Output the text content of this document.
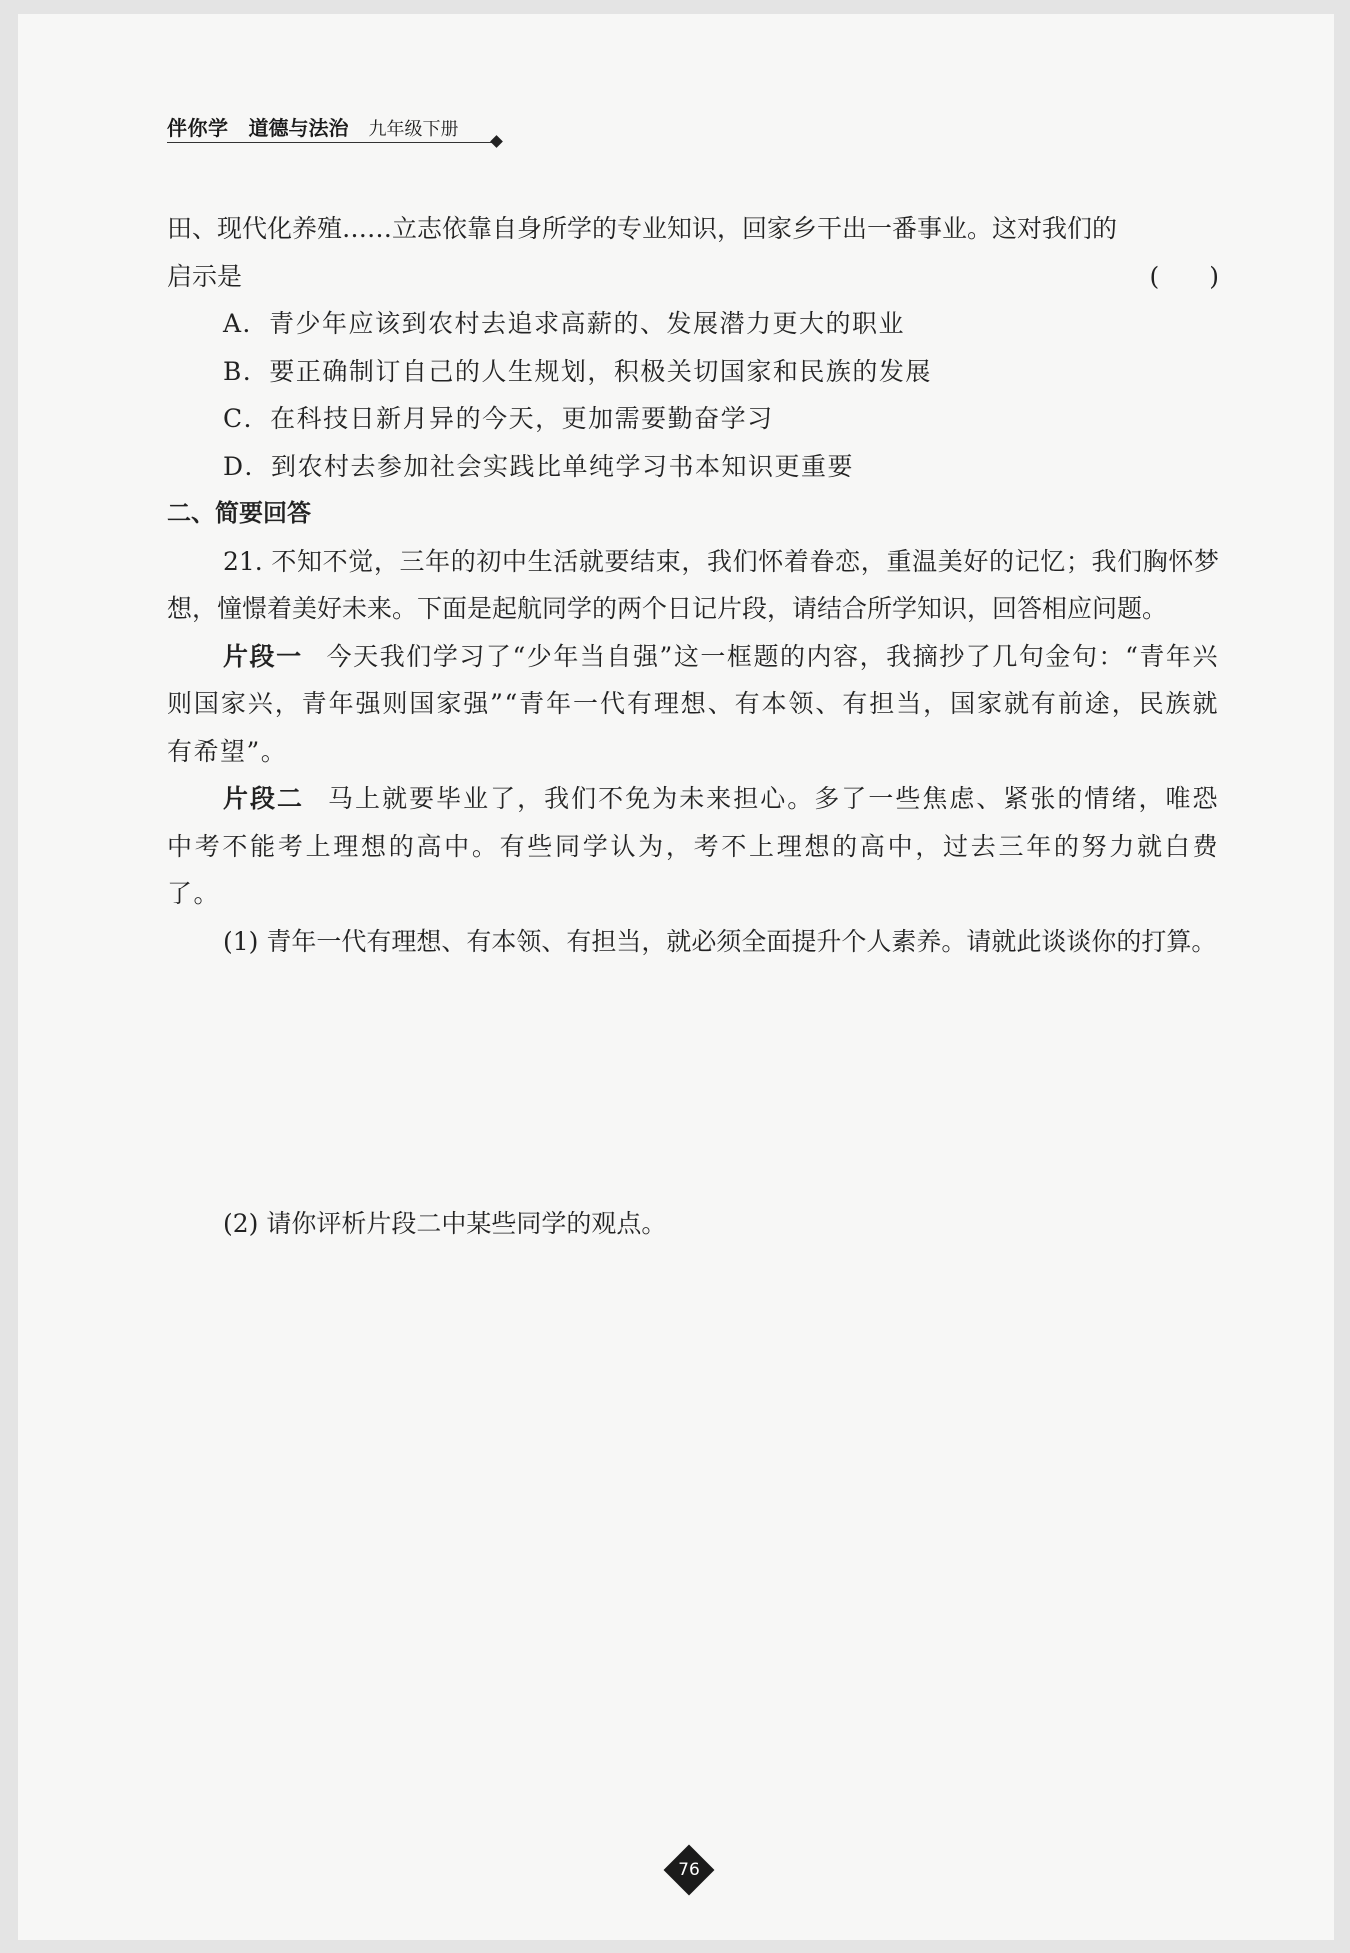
伴你学 道德与法治 九年级下册

田、现代化养殖……立志依靠自身所学的专业知识，回家乡干出一番事业。这对我们的

启示是	(　　)

A．青少年应该到农村去追求高薪的、发展潜力更大的职业

B．要正确制订自己的人生规划，积极关切国家和民族的发展

C．在科技日新月异的今天，更加需要勤奋学习

D．到农村去参加社会实践比单纯学习书本知识更重要

二、简要回答

21. 不知不觉，三年的初中生活就要结束，我们怀着眷恋，重温美好的记忆；我们胸怀梦想，憧憬着美好未来。下面是起航同学的两个日记片段，请结合所学知识，回答相应问题。

片段一 今天我们学习了“少年当自强”这一框题的内容，我摘抄了几句金句：“青年兴则国家兴，青年强则国家强”“青年一代有理想、有本领、有担当，国家就有前途，民族就有希望”。

片段二 马上就要毕业了，我们不免为未来担心。多了一些焦虑、紧张的情绪，唯恐中考不能考上理想的高中。有些同学认为，考不上理想的高中，过去三年的努力就白费了。

(1) 青年一代有理想、有本领、有担当，就必须全面提升个人素养。请就此谈谈你的打算。

(2) 请你评析片段二中某些同学的观点。

76
